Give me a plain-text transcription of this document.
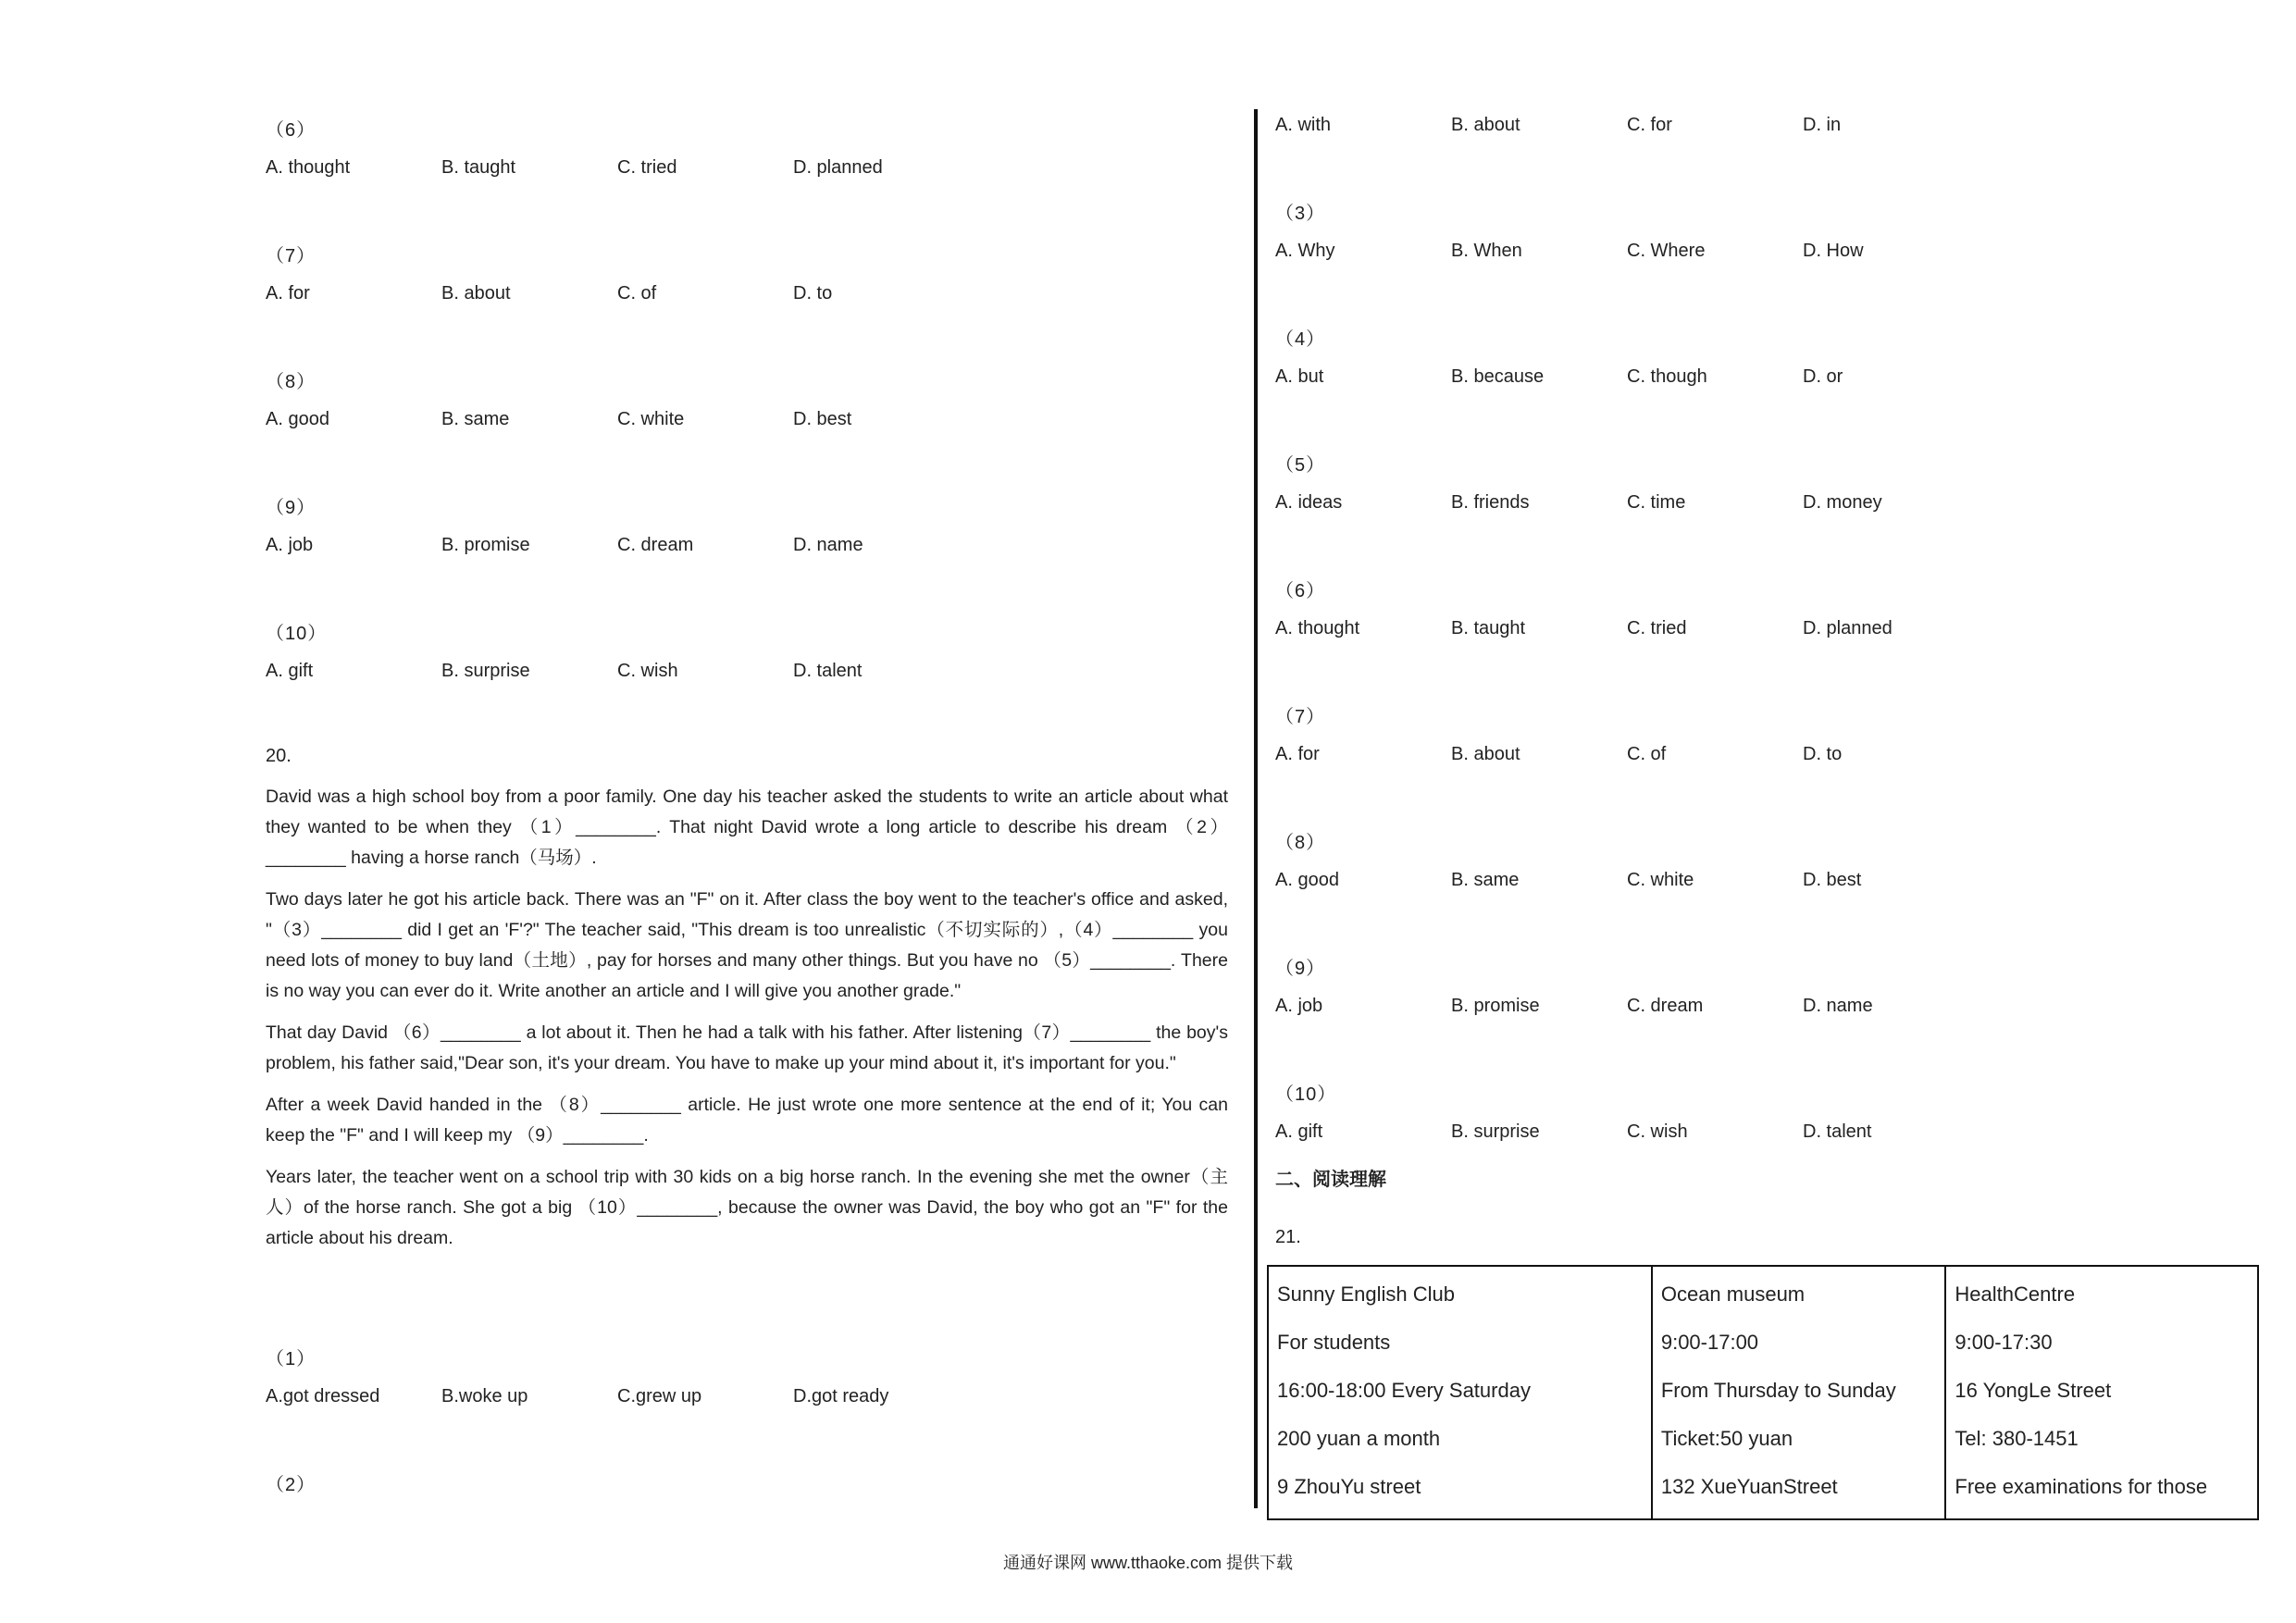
（6）
A. thought	B. taught	C. tried	D. planned
（7）
A. for	B. about	C. of	D. to
（8）
A. good	B. same	C. white	D. best
（9）
A. job	B. promise	C. dream	D. name
（10）
A. gift	B. surprise	C. wish	D. talent
20.

David was a high school boy from a poor family. One day his teacher asked the students to write an article about what they wanted to be when they （1）________. That night David wrote a long article to describe his dream （2）________ having a horse ranch（马场）.

Two days later he got his article back. There was an "F" on it. After class the boy went to the teacher's office and asked, "（3）________ did I get an 'F'?" The teacher said, "This dream is too unrealistic（不切实际的）,（4）________ you need lots of money to buy land（土地）, pay for horses and many other things. But you have no （5）________. There is no way you can ever do it. Write another an article and I will give you another grade."

That day David （6）________ a lot about it. Then he had a talk with his father. After listening（7）________ the boy's problem, his father said,"Dear son, it's your dream. You have to make up your mind about it, it's important for you."

After a week David handed in the （8）________ article. He just wrote one more sentence at the end of it; You can keep the "F" and I will keep my （9）________.

Years later, the teacher went on a school trip with 30 kids on a big horse ranch. In the evening she met the owner（主人）of the horse ranch. She got a big （10）________, because the owner was David, the boy who got an "F" for the article about his dream.

（1）
A.got dressed	B.woke up	C.grew up	D.got ready
（2）
A. with	B. about	C. for	D. in
（3）
A. Why	B. When	C. Where	D. How
（4）
A. but	B. because	C. though	D. or
（5）
A. ideas	B. friends	C. time	D. money
（6）
A. thought	B. taught	C. tried	D. planned
（7）
A. for	B. about	C. of	D. to
（8）
A. good	B. same	C. white	D. best
（9）
A. job	B. promise	C. dream	D. name
（10）
A. gift	B. surprise	C. wish	D. talent
二、阅读理解
21.
Sunny English Club
For students
16:00-18:00 Every Saturday
200 yuan a month
9 ZhouYu street

Ocean museum
9:00-17:00
From Thursday to Sunday
Ticket:50 yuan
132 XueYuanStreet

HealthCentre
9:00-17:30
16 YongLe Street
Tel: 380-1451
Free examinations for those
通通好课网 www.tthaoke.com 提供下载
